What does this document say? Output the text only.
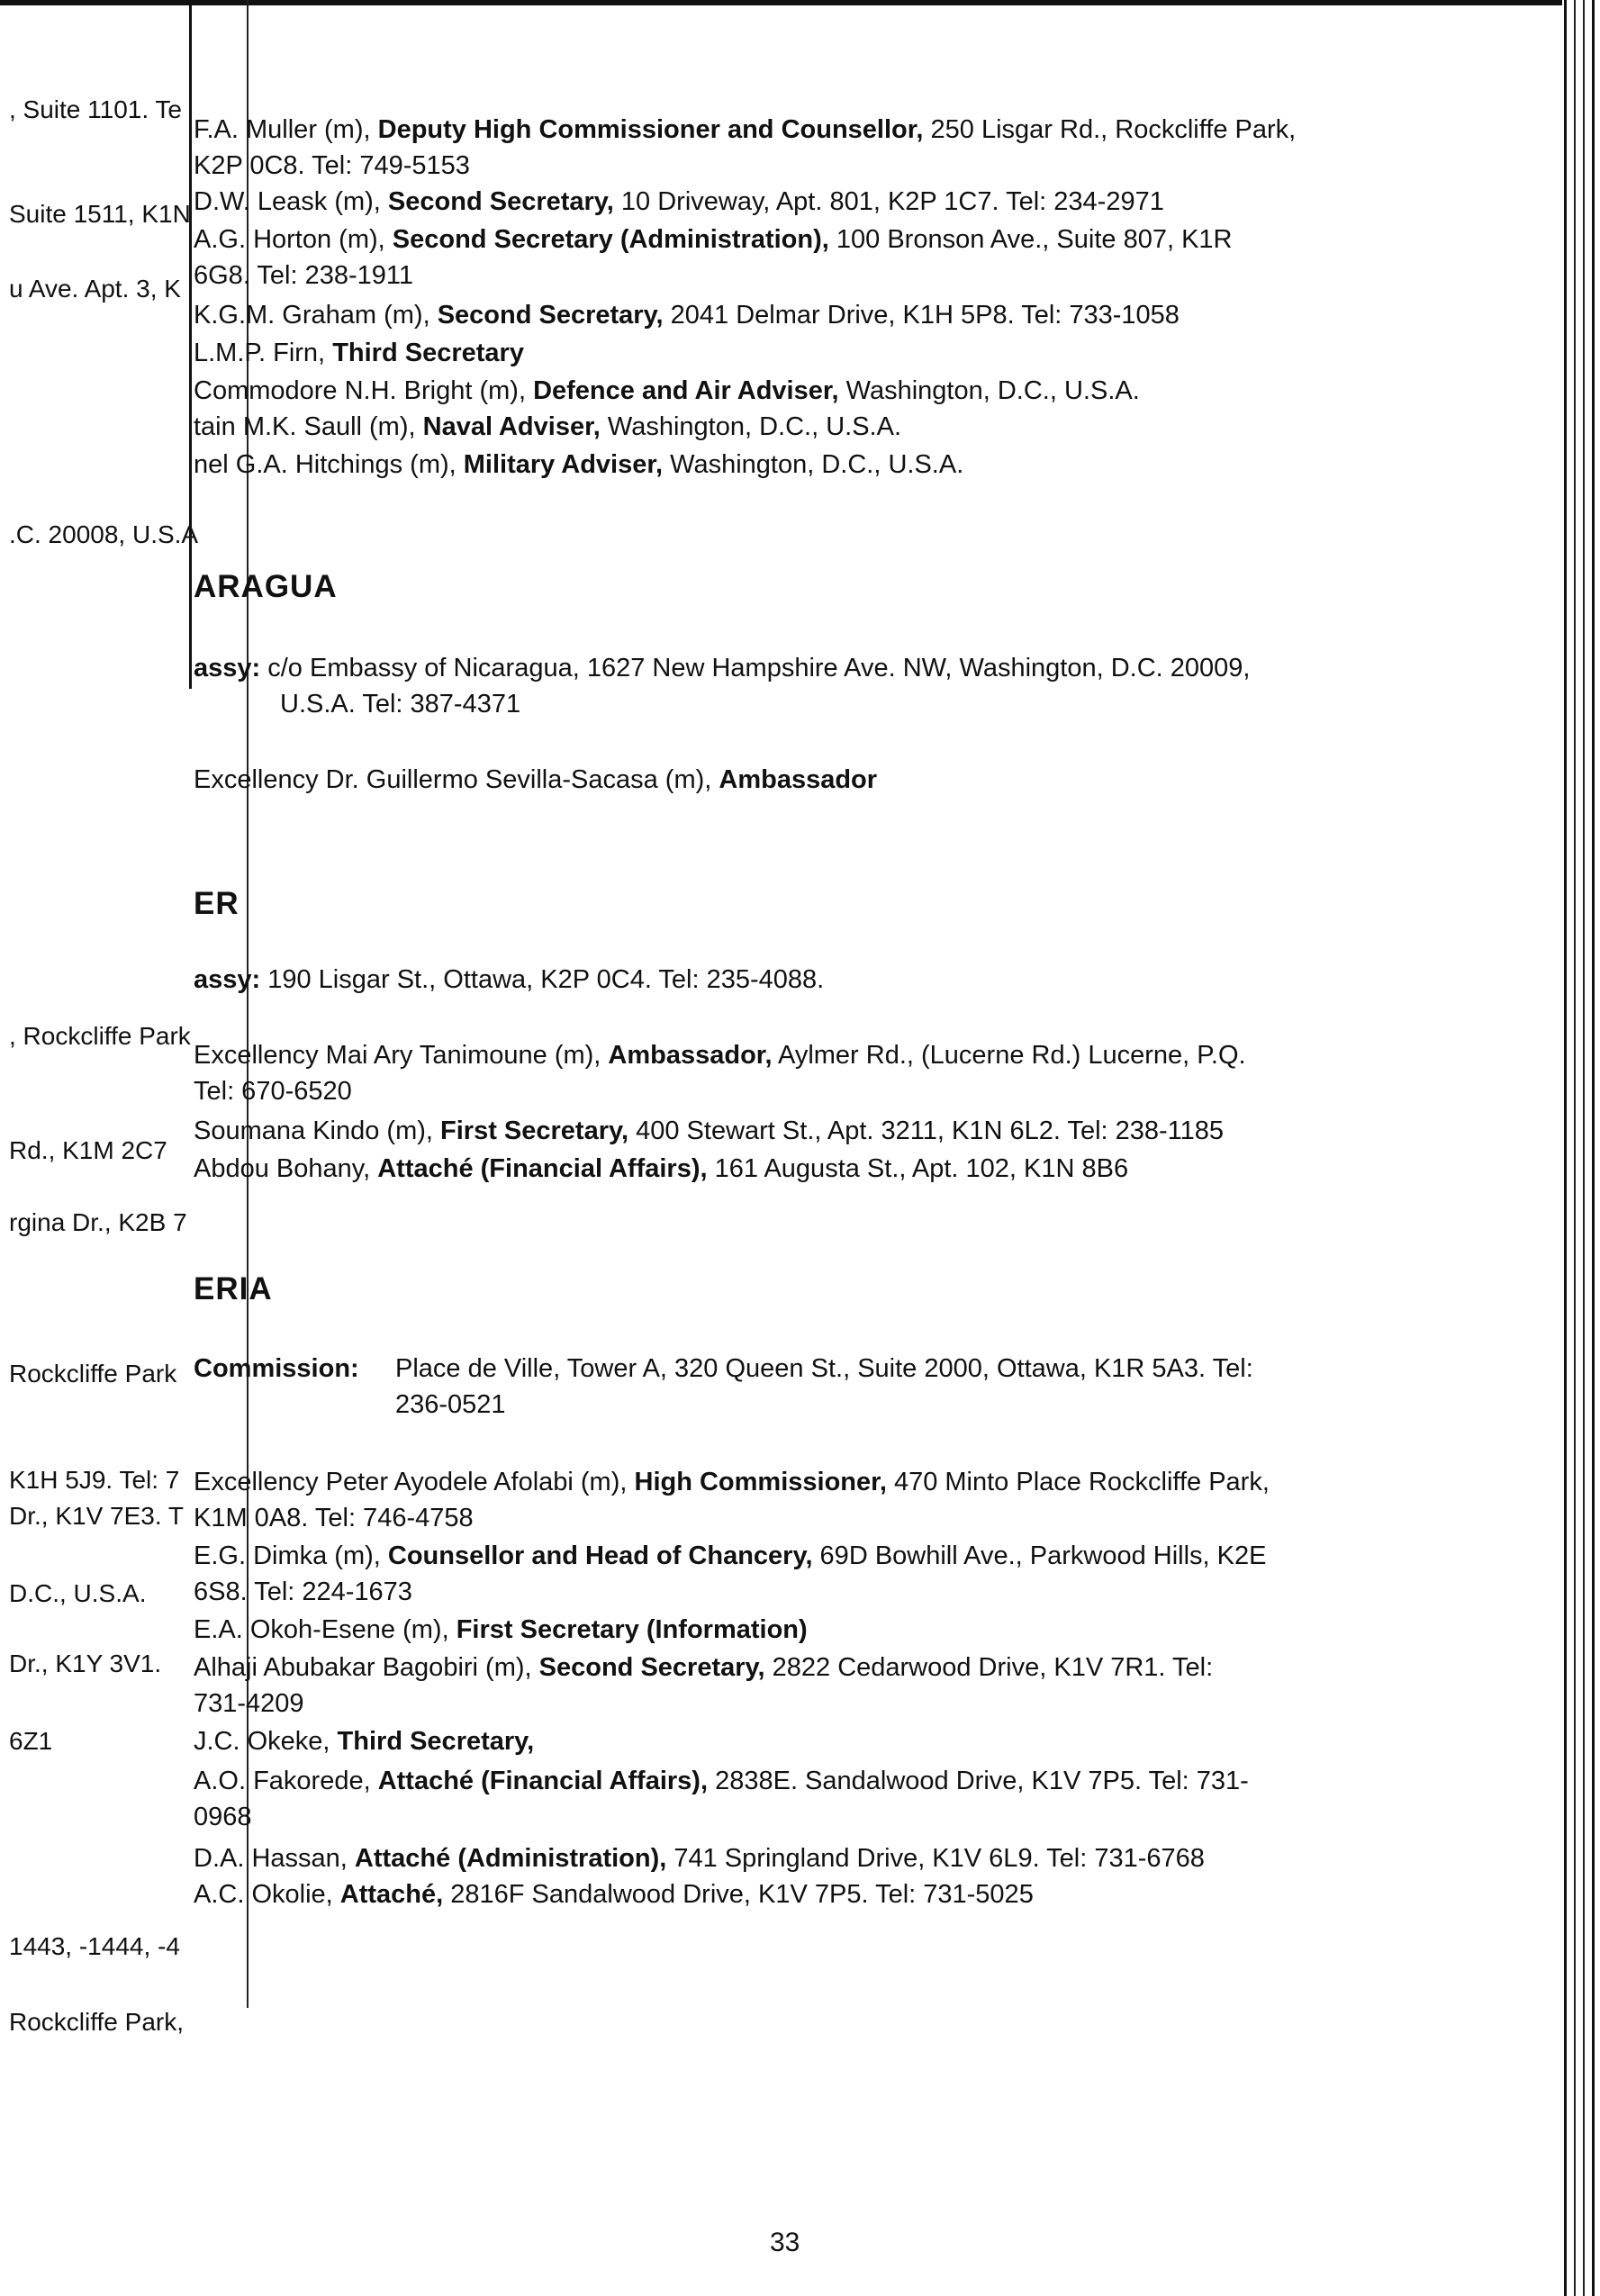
, Suite 1101. Te
Suite 1511, K1N
u Ave. Apt. 3, K
.C. 20008, U.S.A
, Rockcliffe Park
Rd., K1M 2C7
rgina Dr., K2B 7
Rockcliffe Park
K1H 5J9. Tel: 7
Dr., K1V 7E3. T
D.C., U.S.A.
Dr., K1Y 3V1.
6Z1
1443, -1444, -4
Rockcliffe Park,
F.A. Muller (m), Deputy High Commissioner and Counsellor, 250 Lisgar Rd., Rockcliffe Park,
K2P 0C8. Tel: 749-5153
D.W. Leask (m), Second Secretary, 10 Driveway, Apt. 801, K2P 1C7. Tel: 234-2971
A.G. Horton (m), Second Secretary (Administration), 100 Bronson Ave., Suite 807, K1R
6G8. Tel: 238-1911
K.G.M. Graham (m), Second Secretary, 2041 Delmar Drive, K1H 5P8. Tel: 733-1058
L.M.P. Firn, Third Secretary
Commodore N.H. Bright (m), Defence and Air Adviser, Washington, D.C., U.S.A.
tain M.K. Saull (m), Naval Adviser, Washington, D.C., U.S.A.
nel G.A. Hitchings (m), Military Adviser, Washington, D.C., U.S.A.
ARAGUA
assy: c/o Embassy of Nicaragua, 1627 New Hampshire Ave. NW, Washington, D.C. 20009,
U.S.A. Tel: 387-4371
Excellency Dr. Guillermo Sevilla-Sacasa (m), Ambassador
ER
assy: 190 Lisgar St., Ottawa, K2P 0C4. Tel: 235-4088.
Excellency Mai Ary Tanimoune (m), Ambassador, Aylmer Rd., (Lucerne Rd.) Lucerne, P.Q.
Tel: 670-6520
Soumana Kindo (m), First Secretary, 400 Stewart St., Apt. 3211, K1N 6L2. Tel: 238-1185
Abdou Bohany, Attaché (Financial Affairs), 161 Augusta St., Apt. 102, K1N 8B6
ERIA
Commission: Place de Ville, Tower A, 320 Queen St., Suite 2000, Ottawa, K1R 5A3. Tel:
236-0521
Excellency Peter Ayodele Afolabi (m), High Commissioner, 470 Minto Place Rockcliffe Park,
K1M 0A8. Tel: 746-4758
E.G. Dimka (m), Counsellor and Head of Chancery, 69D Bowhill Ave., Parkwood Hills, K2E
6S8. Tel: 224-1673
E.A. Okoh-Esene (m), First Secretary (Information)
Alhaji Abubakar Bagobiri (m), Second Secretary, 2822 Cedarwood Drive, K1V 7R1. Tel:
731-4209
J.C. Okeke, Third Secretary,
A.O. Fakorede, Attaché (Financial Affairs), 2838E. Sandalwood Drive, K1V 7P5. Tel: 731-
0968
D.A. Hassan, Attaché (Administration), 741 Springland Drive, K1V 6L9. Tel: 731-6768
A.C. Okolie, Attaché, 2816F Sandalwood Drive, K1V 7P5. Tel: 731-5025
33
